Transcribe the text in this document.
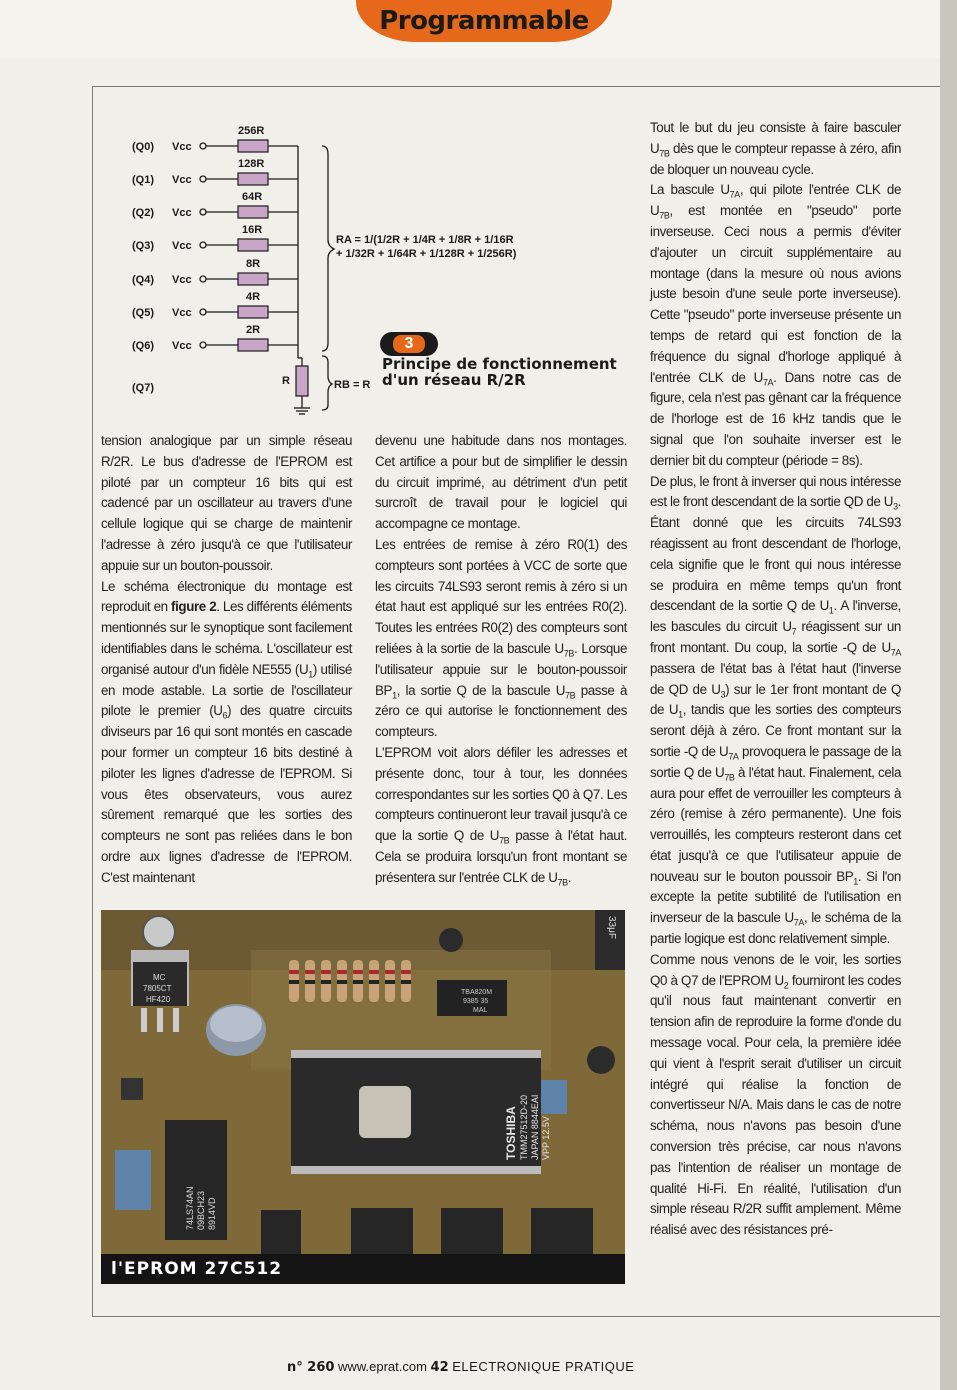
Programmable
(Q0)
(Q1)
(Q2)
(Q3)
(Q4)
(Q5)
(Q6)
(Q7)
Vcc
Vcc
Vcc
Vcc
Vcc
Vcc
Vcc
256R
128R
64R
16R
8R
4R
2R
R
RA = 1/(1/2R + 1/4R + 1/8R + 1/16R
+ 1/32R + 1/64R + 1/128R + 1/256R)
RB = R
3
Principe de fonctionnement d'un réseau R/2R

tension analogique par un simple réseau R/2R. Le bus d'adresse de l'EPROM est piloté par un compteur 16 bits qui est cadencé par un oscillateur au travers d'une cellule logique qui se charge de maintenir l'adresse à zéro jusqu'à ce que l'utilisateur appuie sur un bouton-poussoir.

Le schéma électronique du montage est reproduit en figure 2. Les différents éléments mentionnés sur le synoptique sont facilement identifiables dans le schéma. L'oscillateur est organisé autour d'un fidèle NE555 $(U_1)$ utilisé en mode astable. La sortie de l'oscillateur pilote le premier $(U_6)$ des quatre circuits diviseurs par 16 qui sont montés en cascade pour former un compteur 16 bits destiné à piloter les lignes d'adresse de l'EPROM. Si vous êtes observateurs, vous aurez sûrement remarqué que les sorties des compteurs ne sont pas reliées dans le bon ordre aux lignes d'adresse de l'EPROM. C'est maintenant

devenu une habitude dans nos montages. Cet artifice a pour but de simplifier le dessin du circuit imprimé, au détriment d'un petit surcroît de travail pour le logiciel qui accompagne ce montage.

Les entrées de remise à zéro R0(1) des compteurs sont portées à VCC de sorte que les circuits 74LS93 seront remis à zéro si un état haut est appliqué sur les entrées R0(2). Toutes les entrées R0(2) des compteurs sont reliées à la sortie de la bascule $U_{7B}$. Lorsque l'utilisateur appuie sur le bouton-poussoir $BP_1$, la sortie Q de la bascule $U_{7B}$ passe à zéro ce qui autorise le fonctionnement des compteurs.

L'EPROM voit alors défiler les adresses et présente donc, tour à tour, les données correspondantes sur les sorties Q0 à Q7. Les compteurs continueront leur travail jusqu'à ce que la sortie Q de $U_{7B}$ passe à l'état haut. Cela se produira lorsqu'un front montant se présentera sur l'entrée CLK de $U_{7B}$.

Tout le but du jeu consiste à faire basculer $U_{7B}$ dès que le compteur repasse à zéro, afin de bloquer un nouveau cycle.

La bascule $U_{7A}$, qui pilote l'entrée CLK de $U_{7B}$, est montée en "pseudo" porte inverseuse. Ceci nous a permis d'éviter d'ajouter un circuit supplémentaire au montage (dans la mesure où nous avions juste besoin d'une seule porte inverseuse). Cette "pseudo" porte inverseuse présente un temps de retard qui est fonction de la fréquence du signal d'horloge appliqué à l'entrée CLK de $U_{7A}$. Dans notre cas de figure, cela n'est pas gênant car la fréquence de l'horloge est de 16 kHz tandis que le signal que l'on souhaite inverser est le dernier bit du compteur (période = 8s).

De plus, le front à inverser qui nous intéresse est le front descendant de la sortie QD de $U_3$. Étant donné que les circuits 74LS93 réagissent au front descendant de l'horloge, cela signifie que le front qui nous intéresse se produira en même temps qu'un front descendant de la sortie Q de $U_1$. A l'inverse, les bascules du circuit $U_7$ réagissent sur un front montant. Du coup, la sortie -Q de $U_{7A}$ passera de l'état bas à l'état haut (l'inverse de QD de $U_3$) sur le 1er front montant de Q de $U_1$, tandis que les sorties des compteurs seront déjà à zéro. Ce front montant sur la sortie -Q de $U_{7A}$ provoquera le passage de la sortie Q de $U_{7B}$ à l'état haut. Finalement, cela aura pour effet de verrouiller les compteurs à zéro (remise à zéro permanente). Une fois verrouillés, les compteurs resteront dans cet état jusqu'à ce que l'utilisateur appuie de nouveau sur le bouton poussoir $BP_1$. Si l'on excepte la petite subtilité de l'utilisation en inverseur de la bascule $U_{7A}$, le schéma de la partie logique est donc relativement simple.

Comme nous venons de le voir, les sorties Q0 à Q7 de l'EPROM $U_2$ fourniront les codes qu'il nous faut maintenant convertir en tension afin de reproduire la forme d'onde du message vocal. Pour cela, la première idée qui vient à l'esprit serait d'utiliser un circuit intégré qui réalise la fonction de convertisseur N/A. Mais dans le cas de notre schéma, nous n'avons pas besoin d'une conversion très précise, car nous n'avons pas l'intention de réaliser un montage de qualité Hi-Fi. En réalité, l'utilisation d'un simple réseau R/2R suffit amplement. Même réalisé avec des résistances pré-

MC
7805CT
HF420
TBA820M
9385 35
MAL
TOSHIBA TMM27512D-20 JAPAN 8844EAI VPP 12.5V
74LS74AN 09BCH23 8914VD
33μF
l'EPROM 27C512
n° 260 www.eprat.com 42 ELECTRONIQUE PRATIQUE
